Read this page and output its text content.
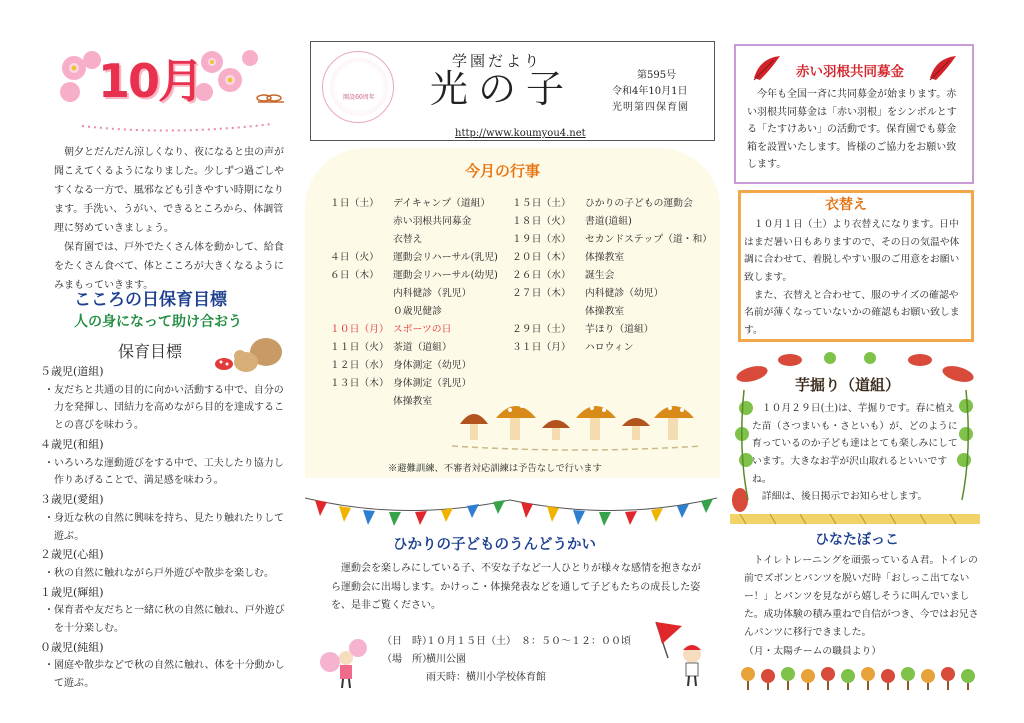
10月

朝夕とだんだん涼しくなり、夜になると虫の声が聞こえてくるようになりました。少しずつ過ごしやすくなる一方で、風邪なども引きやすい時期になります。手洗い、うがい、できるところから、体調管理に努めていきましょう。

保育園では、戸外でたくさん体を動かして、給食をたくさん食べて、体とこころが大きくなるようにみまもっていきます。

こころの日保育目標
人の身になって助け合おう
保育目標
５歳児(道組)
・友だちと共通の目的に向かい活動する中で、自分の力を発揮し、団結力を高めながら目的を達成することの喜びを味わう。
４歳児(和組)
・いろいろな運動遊びをする中で、工夫したり協力し作りあげることで、満足感を味わう。
３歳児(愛組)
・身近な秋の自然に興味を持ち、見たり触れたりして遊ぶ。
２歳児(心組)
・秋の自然に触れながら戸外遊びや散歩を楽しむ。
１歳児(輝組)
・保育者や友だちと一緒に秋の自然に触れ、戸外遊びを十分楽しむ。
０歳児(純組)
・園庭や散歩などで秋の自然に触れ、体を十分動かして遊ぶ。
開設60周年
学園だより
光の子	第595号
令和4年10月1日
光明第四保育園
http://www.koumyou4.net
今月の行事
１日（土）	デイキャンプ（道組）
赤い羽根共同募金
衣替え
４日（火）	運動会リハーサル(乳児)
６日（木）	運動会リハーサル(幼児)
内科健診（乳児）
０歳児健診
１０日（月） スポーツの日
１１日（火） 茶道（道組）
１２日（水） 身体測定（幼児）
１３日（木） 身体測定（乳児）
体操教室
１５日（土） ひかりの子どもの運動会
１８日（火） 書道(道組)
１９日（水） セカンドステップ（道・和）
２０日（木） 体操教室
２６日（水） 誕生会
２７日（木） 内科健診（幼児）
体操教室
２９日（土） 芋ほり（道組）
３１日（月） ハロウィン
※避難訓練、不審者対応訓練は予告なしで行います
ひかりの子どものうんどうかい
運動会を楽しみにしている子、不安な子など一人ひとりが様々な感情を抱きながら運動会に出場します。かけっこ・体操発表などを通して子どもたちの成長した姿を、是非ご覧ください。
（日　時）
１０月１５日（土）　８：５０～１２：００頃
（場　所）
横川公園
雨天時：横川小学校体育館
赤い羽根共同募金
今年も全国一斉に共同募金が始まります。赤い羽根共同募金は「赤い羽根」をシンボルとする「たすけあい」の活動です。保育園でも募金箱を設置いたします。皆様のご協力をお願い致します。
衣替え

１０月１日（土）より衣替えになります。日中はまだ暑い日もありますので、その日の気温や体調に合わせて、着脱しやすい服のご用意をお願い致します。

また、衣替えと合わせて、服のサイズの確認や名前が薄くなっていないかの確認もお願い致します。

芋掘り（道組）

１０月２９日(土)は、芋掘りです。春に植えた苗（さつまいも・さといも）が、どのように育っているのか子ども達はとても楽しみにしています。大きなお芋が沢山取れるといいですね。

詳細は、後日掲示でお知らせします。

ひなたぼっこ

トイレトレーニングを頑張っているＡ君。トイレの前でズボンとパンツを脱いだ時「おしっこ出てないー！」とパンツを見ながら嬉しそうに叫んでいました。成功体験の積み重ねで自信がつき、今ではお兄さんパンツに移行できました。

（月・太陽チームの職員より）
